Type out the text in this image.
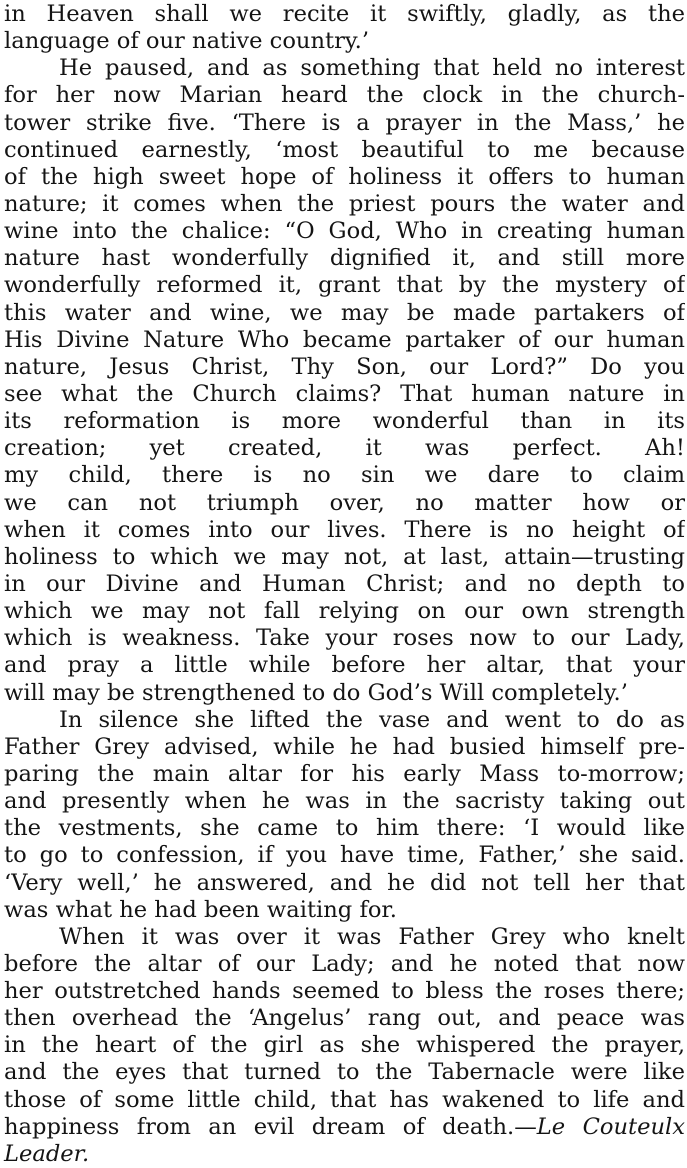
in Heaven shall we recite it swiftly, gladly, as the
language of our native country.’
He paused, and as something that held no interest
for her now Marian heard the clock in the church-
tower strike five. ‘There is a prayer in the Mass,’ he
continued earnestly, ‘most beautiful to me because
of the high sweet hope of holiness it offers to human
nature; it comes when the priest pours the water and
wine into the chalice: “O God, Who in creating human
nature hast wonderfully dignified it, and still more
wonderfully reformed it, grant that by the mystery of
this water and wine, we may be made partakers of
His Divine Nature Who became partaker of our human
nature, Jesus Christ, Thy Son, our Lord?” Do you
see what the Church claims? That human nature in
its reformation is more wonderful than in its
creation; yet created, it was perfect. Ah!
my child, there is no sin we dare to claim
we can not triumph over, no matter how or
when it comes into our lives. There is no height of
holiness to which we may not, at last, attain—trusting
in our Divine and Human Christ; and no depth to
which we may not fall relying on our own strength
which is weakness. Take your roses now to our Lady,
and pray a little while before her altar, that your
will may be strengthened to do God’s Will completely.’
In silence she lifted the vase and went to do as
Father Grey advised, while he had busied himself pre-
paring the main altar for his early Mass to-morrow;
and presently when he was in the sacristy taking out
the vestments, she came to him there: ‘I would like
to go to confession, if you have time, Father,’ she said.
‘Very well,’ he answered, and he did not tell her that
was what he had been waiting for.
When it was over it was Father Grey who knelt
before the altar of our Lady; and he noted that now
her outstretched hands seemed to bless the roses there;
then overhead the ‘Angelus’ rang out, and peace was
in the heart of the girl as she whispered the prayer,
and the eyes that turned to the Tabernacle were like
those of some little child, that has wakened to life and
happiness from an evil dream of death.—Le Couteulx Leader.
